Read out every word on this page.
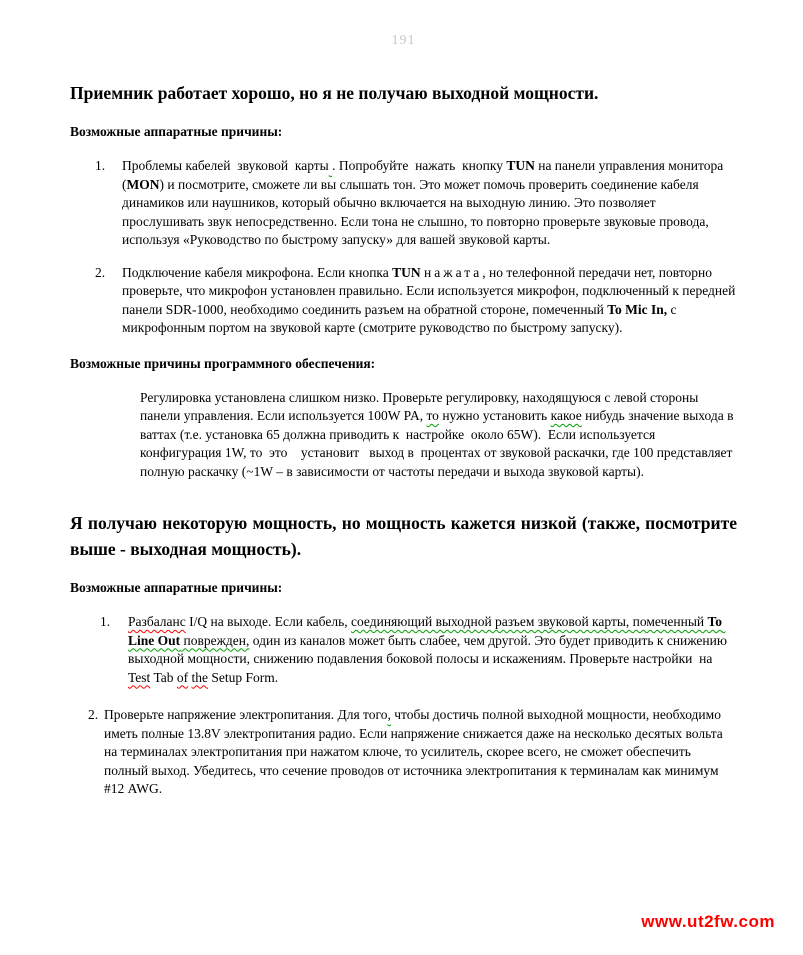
191
Приемник работает хорошо, но я не получаю выходной мощности.
Возможные аппаратные причины:
1.	Проблемы кабелей  звуковой  карты . Попробуйте  нажать  кнопку TUN на панели управления монитора (MON) и посмотрите, сможете ли вы слышать тон. Это может помочь проверить соединение кабеля динамиков или наушников, который обычно включается на выходную линию. Это позволяет прослушивать звук непосредственно. Если тона не слышно, то повторно проверьте звуковые провода, используя «Руководство по быстрому запуску» для вашей звуковой карты.
2.	Подключение кабеля микрофона. Если кнопка TUN нажата, но телефонной передачи нет, повторно проверьте, что микрофон установлен правильно. Если используется микрофон, подключенный к передней панели SDR-1000, необходимо соединить разъем на обратной стороне, помеченный To Mic In, с микрофонным портом на звуковой карте (смотрите руководство по быстрому запуску).
Возможные причины программного обеспечения:

Регулировка установлена слишком низко. Проверьте регулировку, находящуюся с левой стороны панели управления. Если используется 100W PA, то нужно установить какое нибудь значение выхода в ваттах (т.е. установка 65 должна приводить к  настройке  около 65W).  Если используется конфигурация 1W, то  это    установит   выход в  процентах от звуковой раскачки, где 100 представляет полную раскачку (~1W – в зависимости от частоты передачи и выхода звуковой карты).

Я получаю некоторую мощность, но мощность кажется низкой (также, посмотрите выше - выходная мощность).
Возможные аппаратные причины:
1.	Разбаланс I/Q на выходе. Если кабель, соединяющий выходной разъем звуковой карты, помеченный To Line Out поврежден, один из каналов может быть слабее, чем другой. Это будет приводить к снижению выходной мощности, снижению подавления боковой полосы и искажениям. Проверьте настройки  на Test Tab of the Setup Form.
2. Проверьте напряжение электропитания. Для того, чтобы достичь полной выходной мощности, необходимо иметь полные 13.8V электропитания радио. Если напряжение снижается даже на несколько десятых вольта на терминалах электропитания при нажатом ключе, то усилитель, скорее всего, не сможет обеспечить полный выход. Убедитесь, что сечение проводов от источника электропитания к терминалам как минимум #12 AWG.
www.ut2fw.com
